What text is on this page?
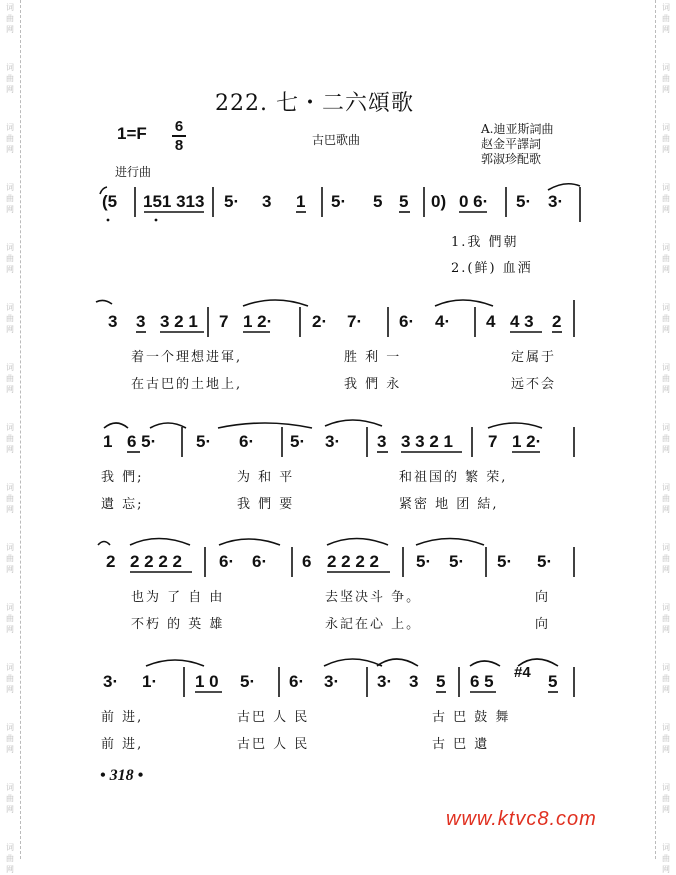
词
曲
网
词
曲
网
词
曲
网
词
曲
网
词
曲
网
词
曲
网
词
曲
网
词
曲
网
词
曲
网
词
曲
网
词
曲
网
词
曲
网
词
曲
网
词
曲
网
词
曲
网
词
曲
网
词
曲
网
词
曲
网
词
曲
网
词
曲
网
词
曲
网
词
曲
网
词
曲
网
词
曲
网
词
曲
网
词
曲
网
词
曲
网
词
曲
网
词
曲
网
词
曲
网
222. 七・二六頌歌
1=F 6
8	古巴歌曲
A.迪亚斯詞曲
赵金平譯詞
郭淑珍配歌
进行曲
(5 151 313 5· 3 1 5· 5 5 0) 0 6· 5· 3·
1.我 們朝
2.(鲜) 血洒
3 3 3 2 1 7 1 2· 2· 7· 6· 4· 4 4 3 2
着一个理想进軍,	胜 利 一	定属于
在古巴的土地上,	我 們 永	远不会
1 6 5· 5· 6· 5· 3· 3 3 3 2 1 7 1 2·
我 們;	为 和 平	和祖国的 繁 荣,
遺 忘;	我 們 要	紧密 地 团 結,
2 2 2 2 2 6· 6· 6 2 2 2 2 5· 5· 5· 5·
也为 了 自 由	去坚决斗 争。	向
不朽 的 英 雄	永記在心 上。	向
3· 1· 1 0 5· 6· 3· 3· 3 5 6 5 #4 5
前 进,	古巴 人 民	古 巴 鼓 舞
前 进,	古巴 人 民	古 巴 遺
• 318 •
www.ktvc8.com
